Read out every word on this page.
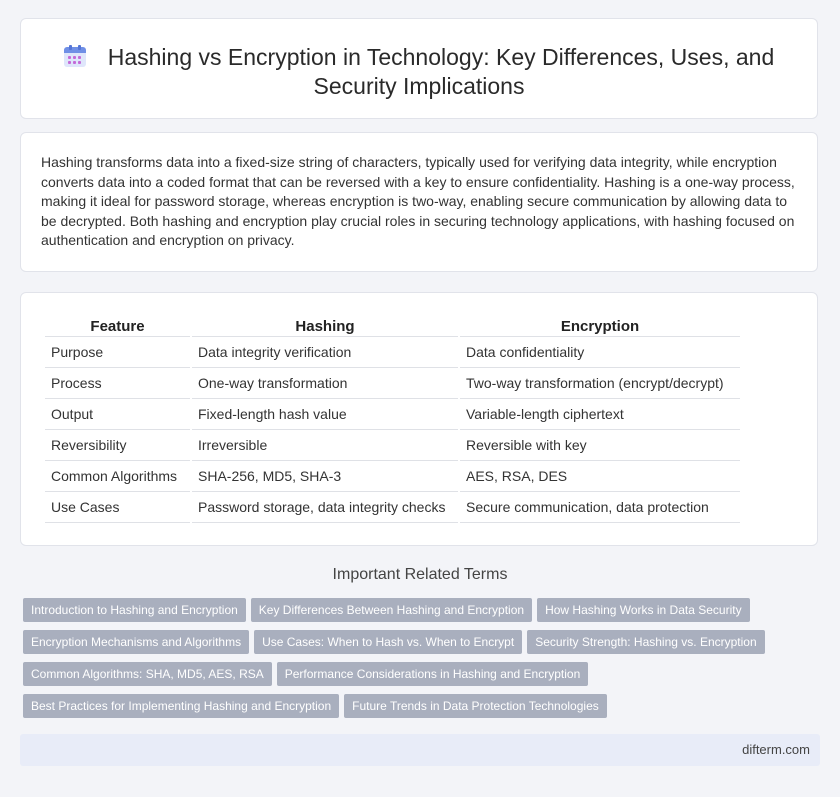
Hashing vs Encryption in Technology: Key Differences, Uses, and Security Implications

Hashing transforms data into a fixed-size string of characters, typically used for verifying data integrity, while encryption converts data into a coded format that can be reversed with a key to ensure confidentiality. Hashing is a one-way process, making it ideal for password storage, whereas encryption is two-way, enabling secure communication by allowing data to be decrypted. Both hashing and encryption play crucial roles in securing technology applications, with hashing focused on authentication and encryption on privacy.

Feature	Hashing	Encryption
Purpose	Data integrity verification	Data confidentiality
Process	One-way transformation	Two-way transformation (encrypt/decrypt)
Output	Fixed-length hash value	Variable-length ciphertext
Reversibility	Irreversible	Reversible with key
Common Algorithms	SHA-256, MD5, SHA-3	AES, RSA, DES
Use Cases	Password storage, data integrity checks	Secure communication, data protection
Important Related Terms
Introduction to Hashing and Encryption Key Differences Between Hashing and Encryption How Hashing Works in Data Security
Encryption Mechanisms and Algorithms Use Cases: When to Hash vs. When to Encrypt Security Strength: Hashing vs. Encryption
Common Algorithms: SHA, MD5, AES, RSA Performance Considerations in Hashing and Encryption
Best Practices for Implementing Hashing and Encryption Future Trends in Data Protection Technologies
difterm.com
